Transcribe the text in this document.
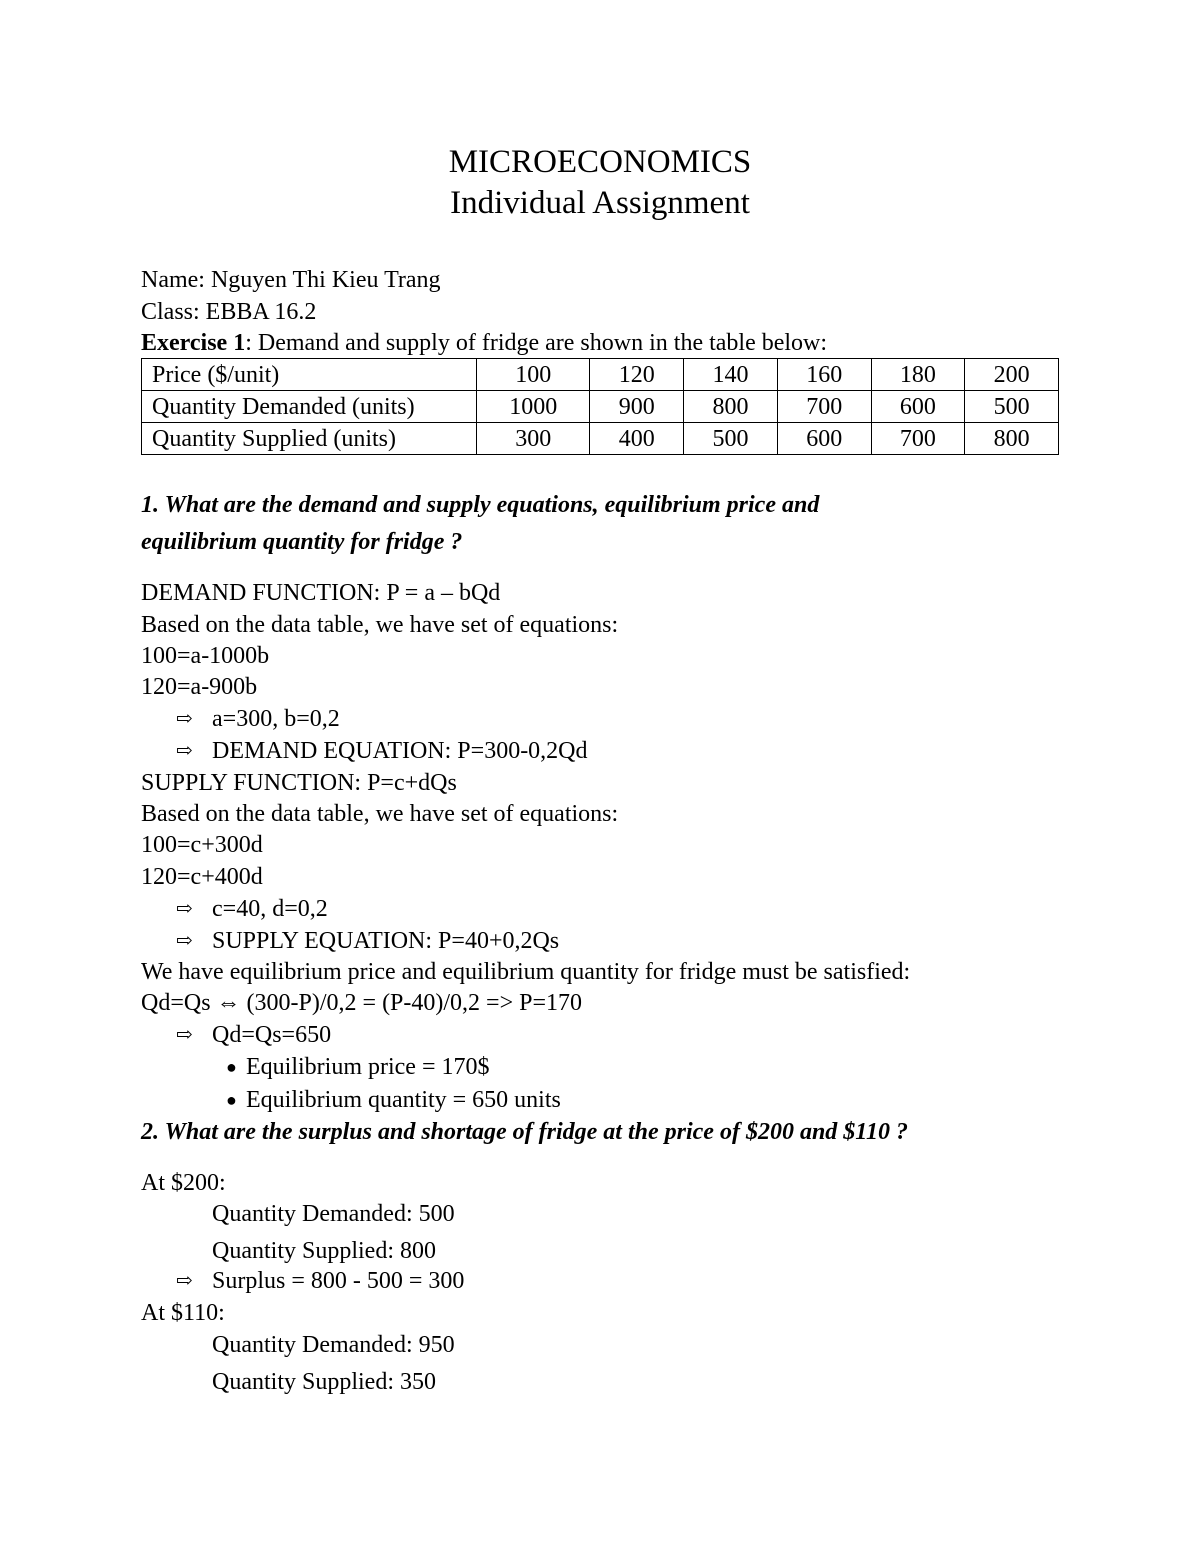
MICROECONOMICS
Individual Assignment
Name: Nguyen Thi Kieu Trang
Class: EBBA 16.2
Exercise 1: Demand and supply of fridge are shown in the table below:
Price ($/unit)	100	120	140	160	180	200
Quantity Demanded (units)	1000	900	800	700	600	500
Quantity Supplied (units)	300	400	500	600	700	800
1. What are the demand and supply equations, equilibrium price and
equilibrium quantity for fridge ?
DEMAND FUNCTION: P = a – bQd
Based on the data table, we have set of equations:
100=a-1000b
120=a-900b
⇨ a=300, b=0,2
⇨ DEMAND EQUATION: P=300-0,2Qd
SUPPLY FUNCTION: P=c+dQs
Based on the data table, we have set of equations:
100=c+300d
120=c+400d
⇨ c=40, d=0,2
⇨ SUPPLY EQUATION: P=40+0,2Qs
We have equilibrium price and equilibrium quantity for fridge must be satisfied:
Qd=Qs ⇔ (300-P)/0,2 = (P-40)/0,2 => P=170
⇨ Qd=Qs=650
● Equilibrium price = 170$
● Equilibrium quantity = 650 units
2. What are the surplus and shortage of fridge at the price of $200 and $110 ?
At $200:
Quantity Demanded: 500
Quantity Supplied: 800
⇨ Surplus = 800 - 500 = 300
At $110:
Quantity Demanded: 950
Quantity Supplied: 350
